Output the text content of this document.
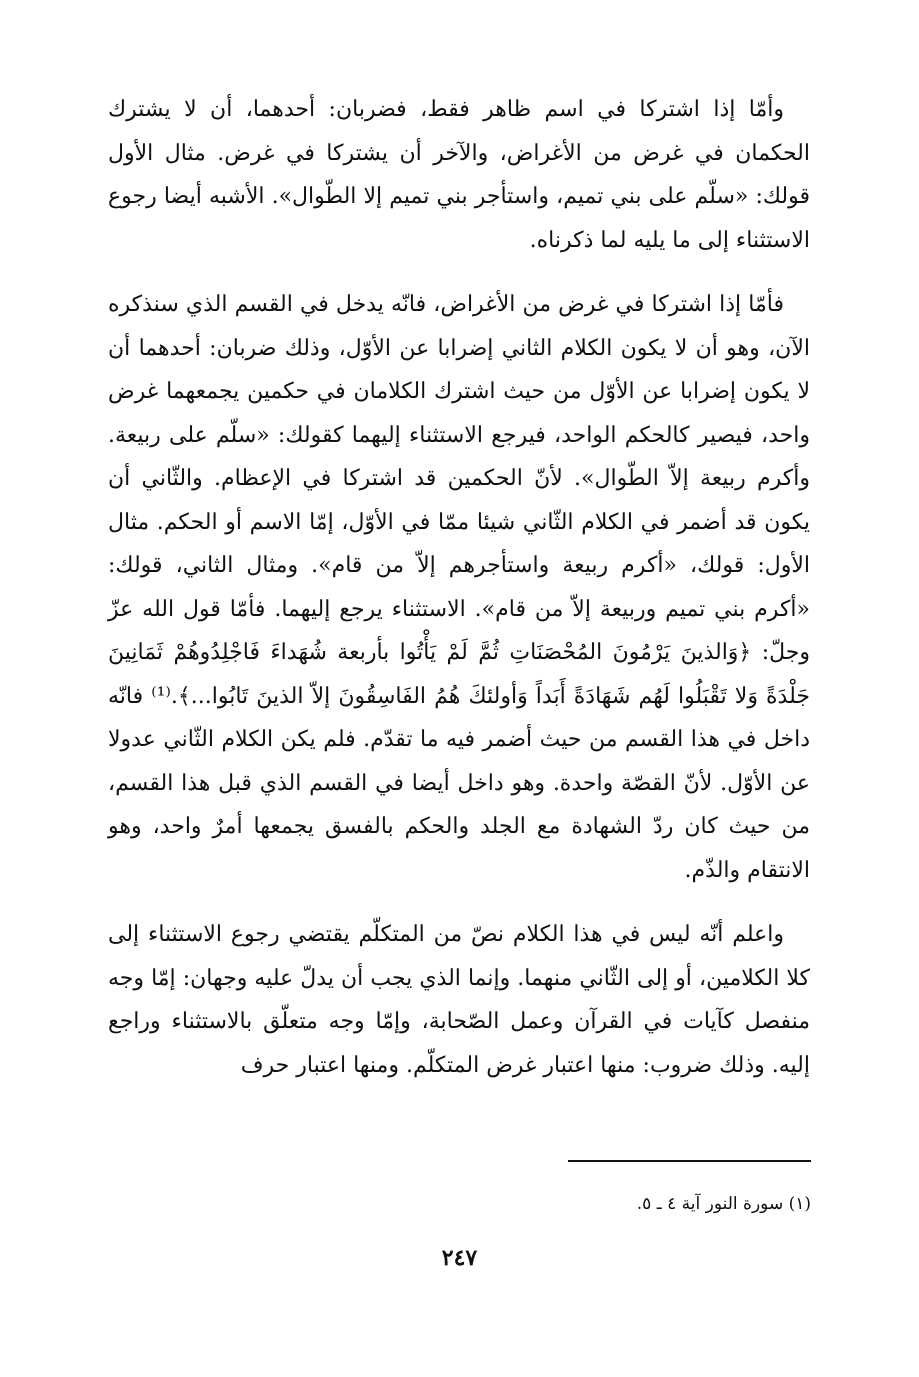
وأمّا إذا اشتركا في اسم ظاهر فقط، فضربان: أحدهما، أن لا يشترك الحكمان في غرض من الأغراض، والآخر أن يشتركا في غرض. مثال الأول قولك: «سلّم على بني تميم، واستأجر بني تميم إلا الطّوال». الأشبه أيضا رجوع الاستثناء إلى ما يليه لما ذكرناه.

فأمّا إذا اشتركا في غرض من الأغراض، فانّه يدخل في القسم الذي سنذكره الآن، وهو أن لا يكون الكلام الثاني إضرابا عن الأوّل، وذلك ضربان: أحدهما أن لا يكون إضرابا عن الأوّل من حيث اشترك الكلامان في حكمين يجمعهما غرض واحد، فيصير كالحكم الواحد، فيرجع الاستثناء إليهما كقولك: «سلّم على ربيعة. وأكرم ربيعة إلاّ الطّوال». لأنّ الحكمين قد اشتركا في الإعظام. والثّاني أن يكون قد أضمر في الكلام الثّاني شيئا ممّا في الأوّل، إمّا الاسم أو الحكم. مثال الأول: قولك، «أكرم ربيعة واستأجرهم إلاّ من قام». ومثال الثاني، قولك: «أكرم بني تميم وربيعة إلاّ من قام». الاستثناء يرجع إليهما. فأمّا قول الله عزّ وجلّ: ﴿وَالذينَ يَرْمُونَ المُحْصَنَاتِ ثُمَّ لَمْ يَأْتُوا بأربعة شُهَداءَ فَاجْلِدُوهُمْ ثَمَانِينَ جَلْدَةً وَلا تَقْبَلُوا لَهُم شَهَادَةً أَبَداً وَأولئكَ هُمُ الفَاسِقُونَ إلاّ الذينَ تَابُوا...﴾.⁽¹⁾ فانّه داخل في هذا القسم من حيث أضمر فيه ما تقدّم. فلم يكن الكلام الثّاني عدولا عن الأوّل. لأنّ القصّة واحدة. وهو داخل أيضا في القسم الذي قبل هذا القسم، من حيث كان ردّ الشهادة مع الجلد والحكم بالفسق يجمعها أمرٌ واحد، وهو الانتقام والذّم.

واعلم أنّه ليس في هذا الكلام نصّ من المتكلّم يقتضي رجوع الاستثناء إلى كلا الكلامين، أو إلى الثّاني منهما. وإنما الذي يجب أن يدلّ عليه وجهان: إمّا وجه منفصل كآيات في القرآن وعمل الصّحابة، وإمّا وجه متعلّق بالاستثناء وراجع إليه. وذلك ضروب: منها اعتبار غرض المتكلّم. ومنها اعتبار حرف

(١) سورة النور آية ٤ ـ ٥.
٢٤٧
